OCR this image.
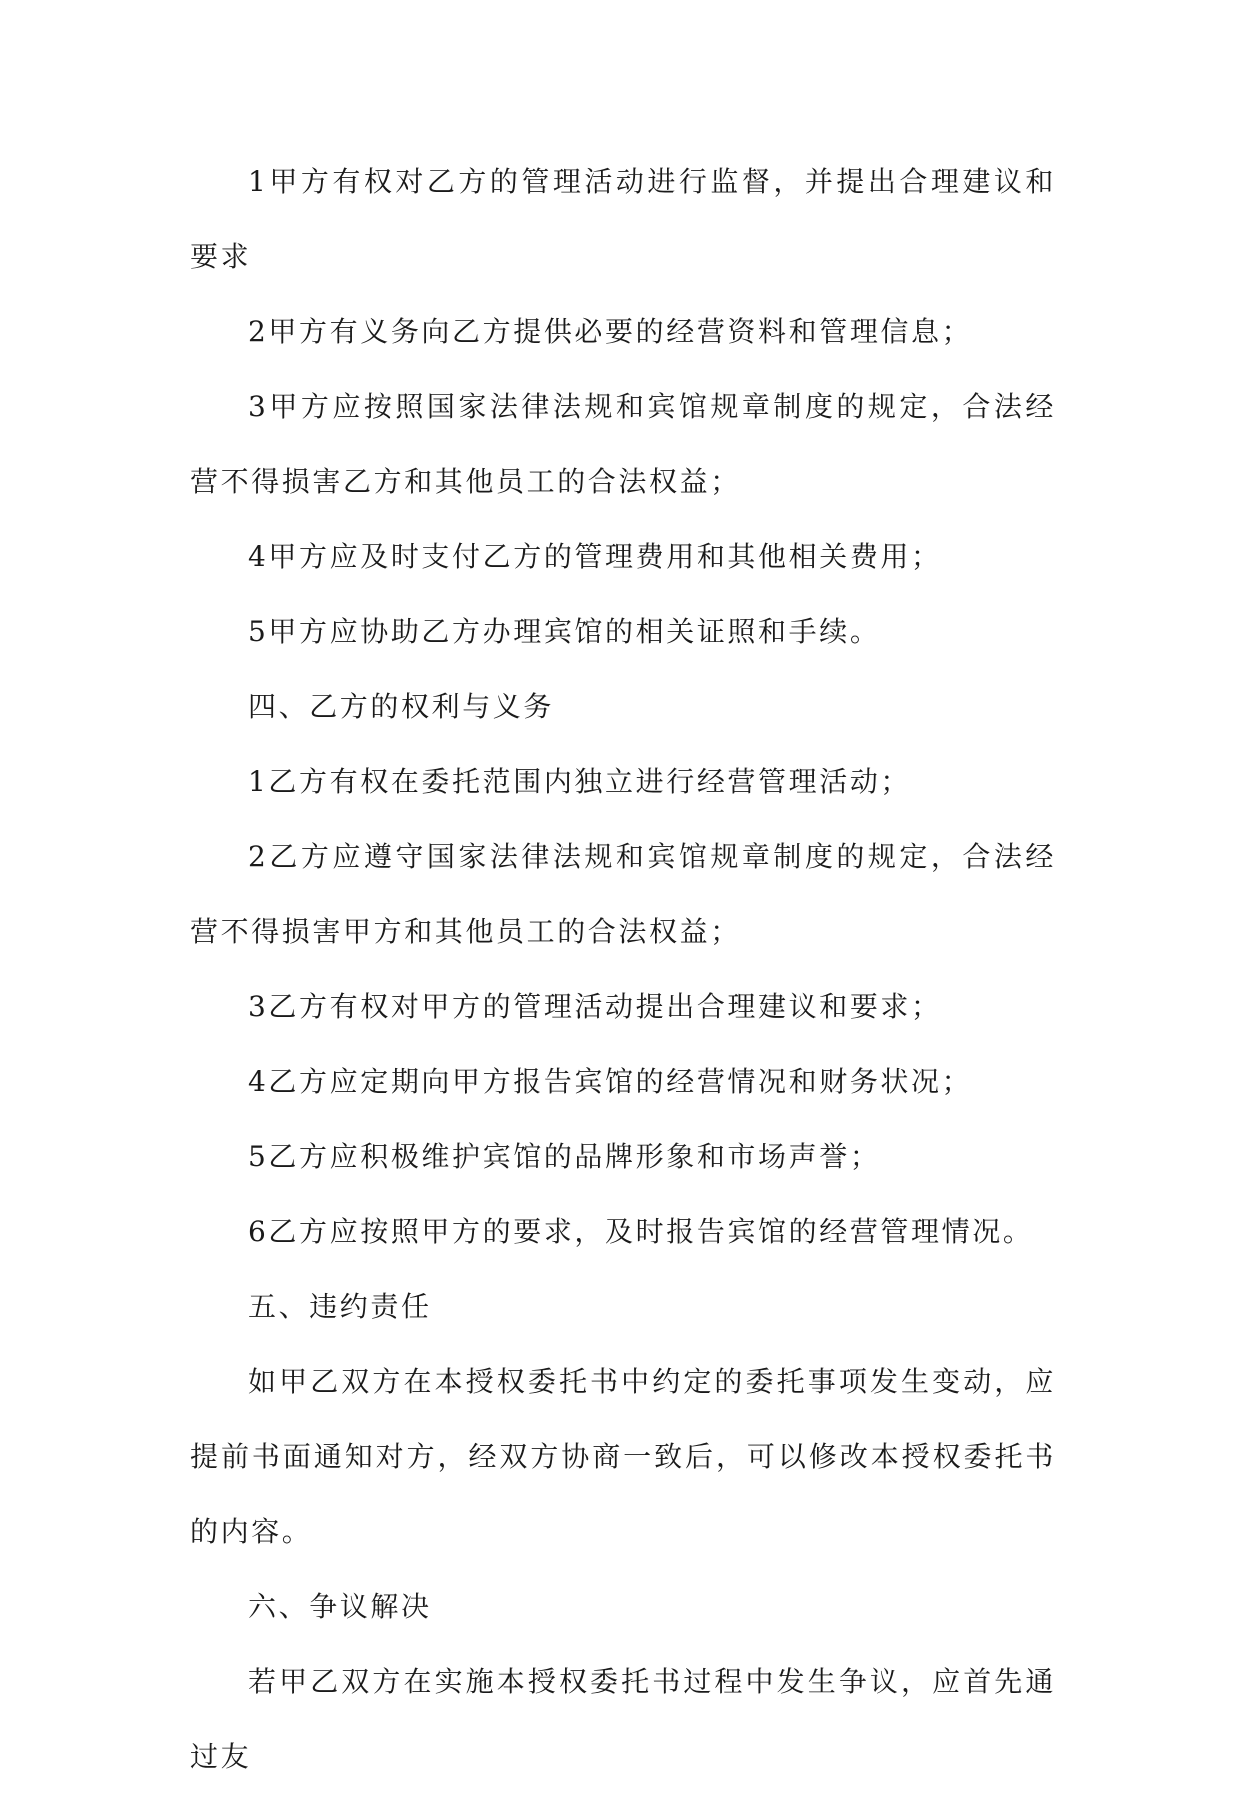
1甲方有权对乙方的管理活动进行监督，并提出合理建议和要求

2甲方有义务向乙方提供必要的经营资料和管理信息；

3甲方应按照国家法律法规和宾馆规章制度的规定，合法经营不得损害乙方和其他员工的合法权益；

4甲方应及时支付乙方的管理费用和其他相关费用；

5甲方应协助乙方办理宾馆的相关证照和手续。

四、乙方的权利与义务

1乙方有权在委托范围内独立进行经营管理活动；

2乙方应遵守国家法律法规和宾馆规章制度的规定，合法经营不得损害甲方和其他员工的合法权益；

3乙方有权对甲方的管理活动提出合理建议和要求；

4乙方应定期向甲方报告宾馆的经营情况和财务状况；

5乙方应积极维护宾馆的品牌形象和市场声誉；

6乙方应按照甲方的要求，及时报告宾馆的经营管理情况。

五、违约责任

如甲乙双方在本授权委托书中约定的委托事项发生变动，应提前书面通知对方，经双方协商一致后，可以修改本授权委托书的内容。

六、争议解决

若甲乙双方在实施本授权委托书过程中发生争议，应首先通过友
